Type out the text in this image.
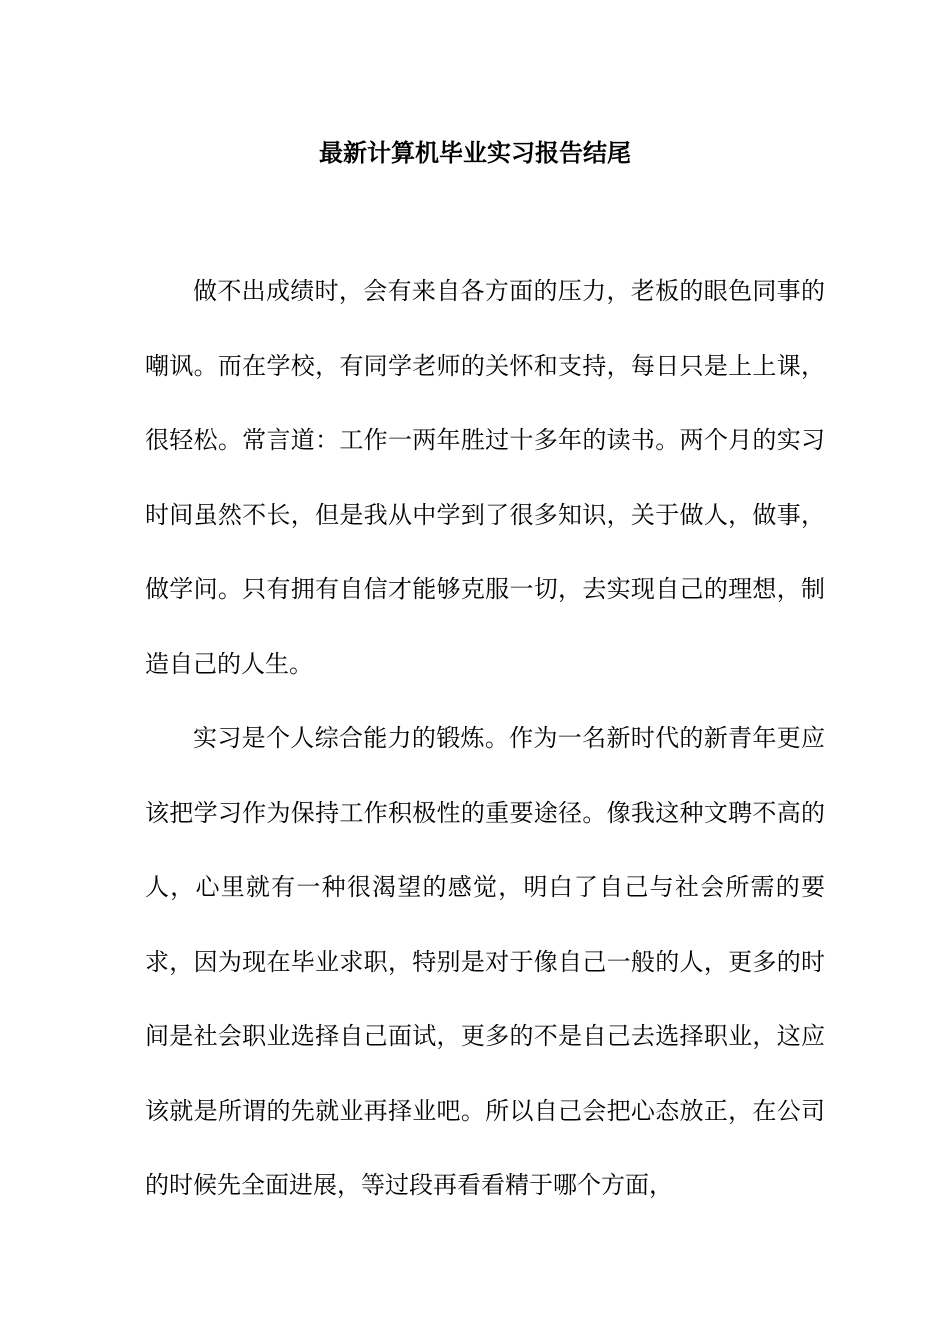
最新计算机毕业实习报告结尾

做不出成绩时，会有来自各方面的压力，老板的眼色同事的嘲讽。而在学校，有同学老师的关怀和支持，每日只是上上课，很轻松。常言道：工作一两年胜过十多年的读书。两个月的实习时间虽然不长，但是我从中学到了很多知识，关于做人，做事，做学问。只有拥有自信才能够克服一切，去实现自己的理想，制造自己的人生。

实习是个人综合能力的锻炼。作为一名新时代的新青年更应该把学习作为保持工作积极性的重要途径。像我这种文聘不高的人，心里就有一种很渴望的感觉，明白了自己与社会所需的要求，因为现在毕业求职，特别是对于像自己一般的人，更多的时间是社会职业选择自己面试，更多的不是自己去选择职业，这应该就是所谓的先就业再择业吧。所以自己会把心态放正，在公司的时候先全面进展，等过段再看看精于哪个方面，
